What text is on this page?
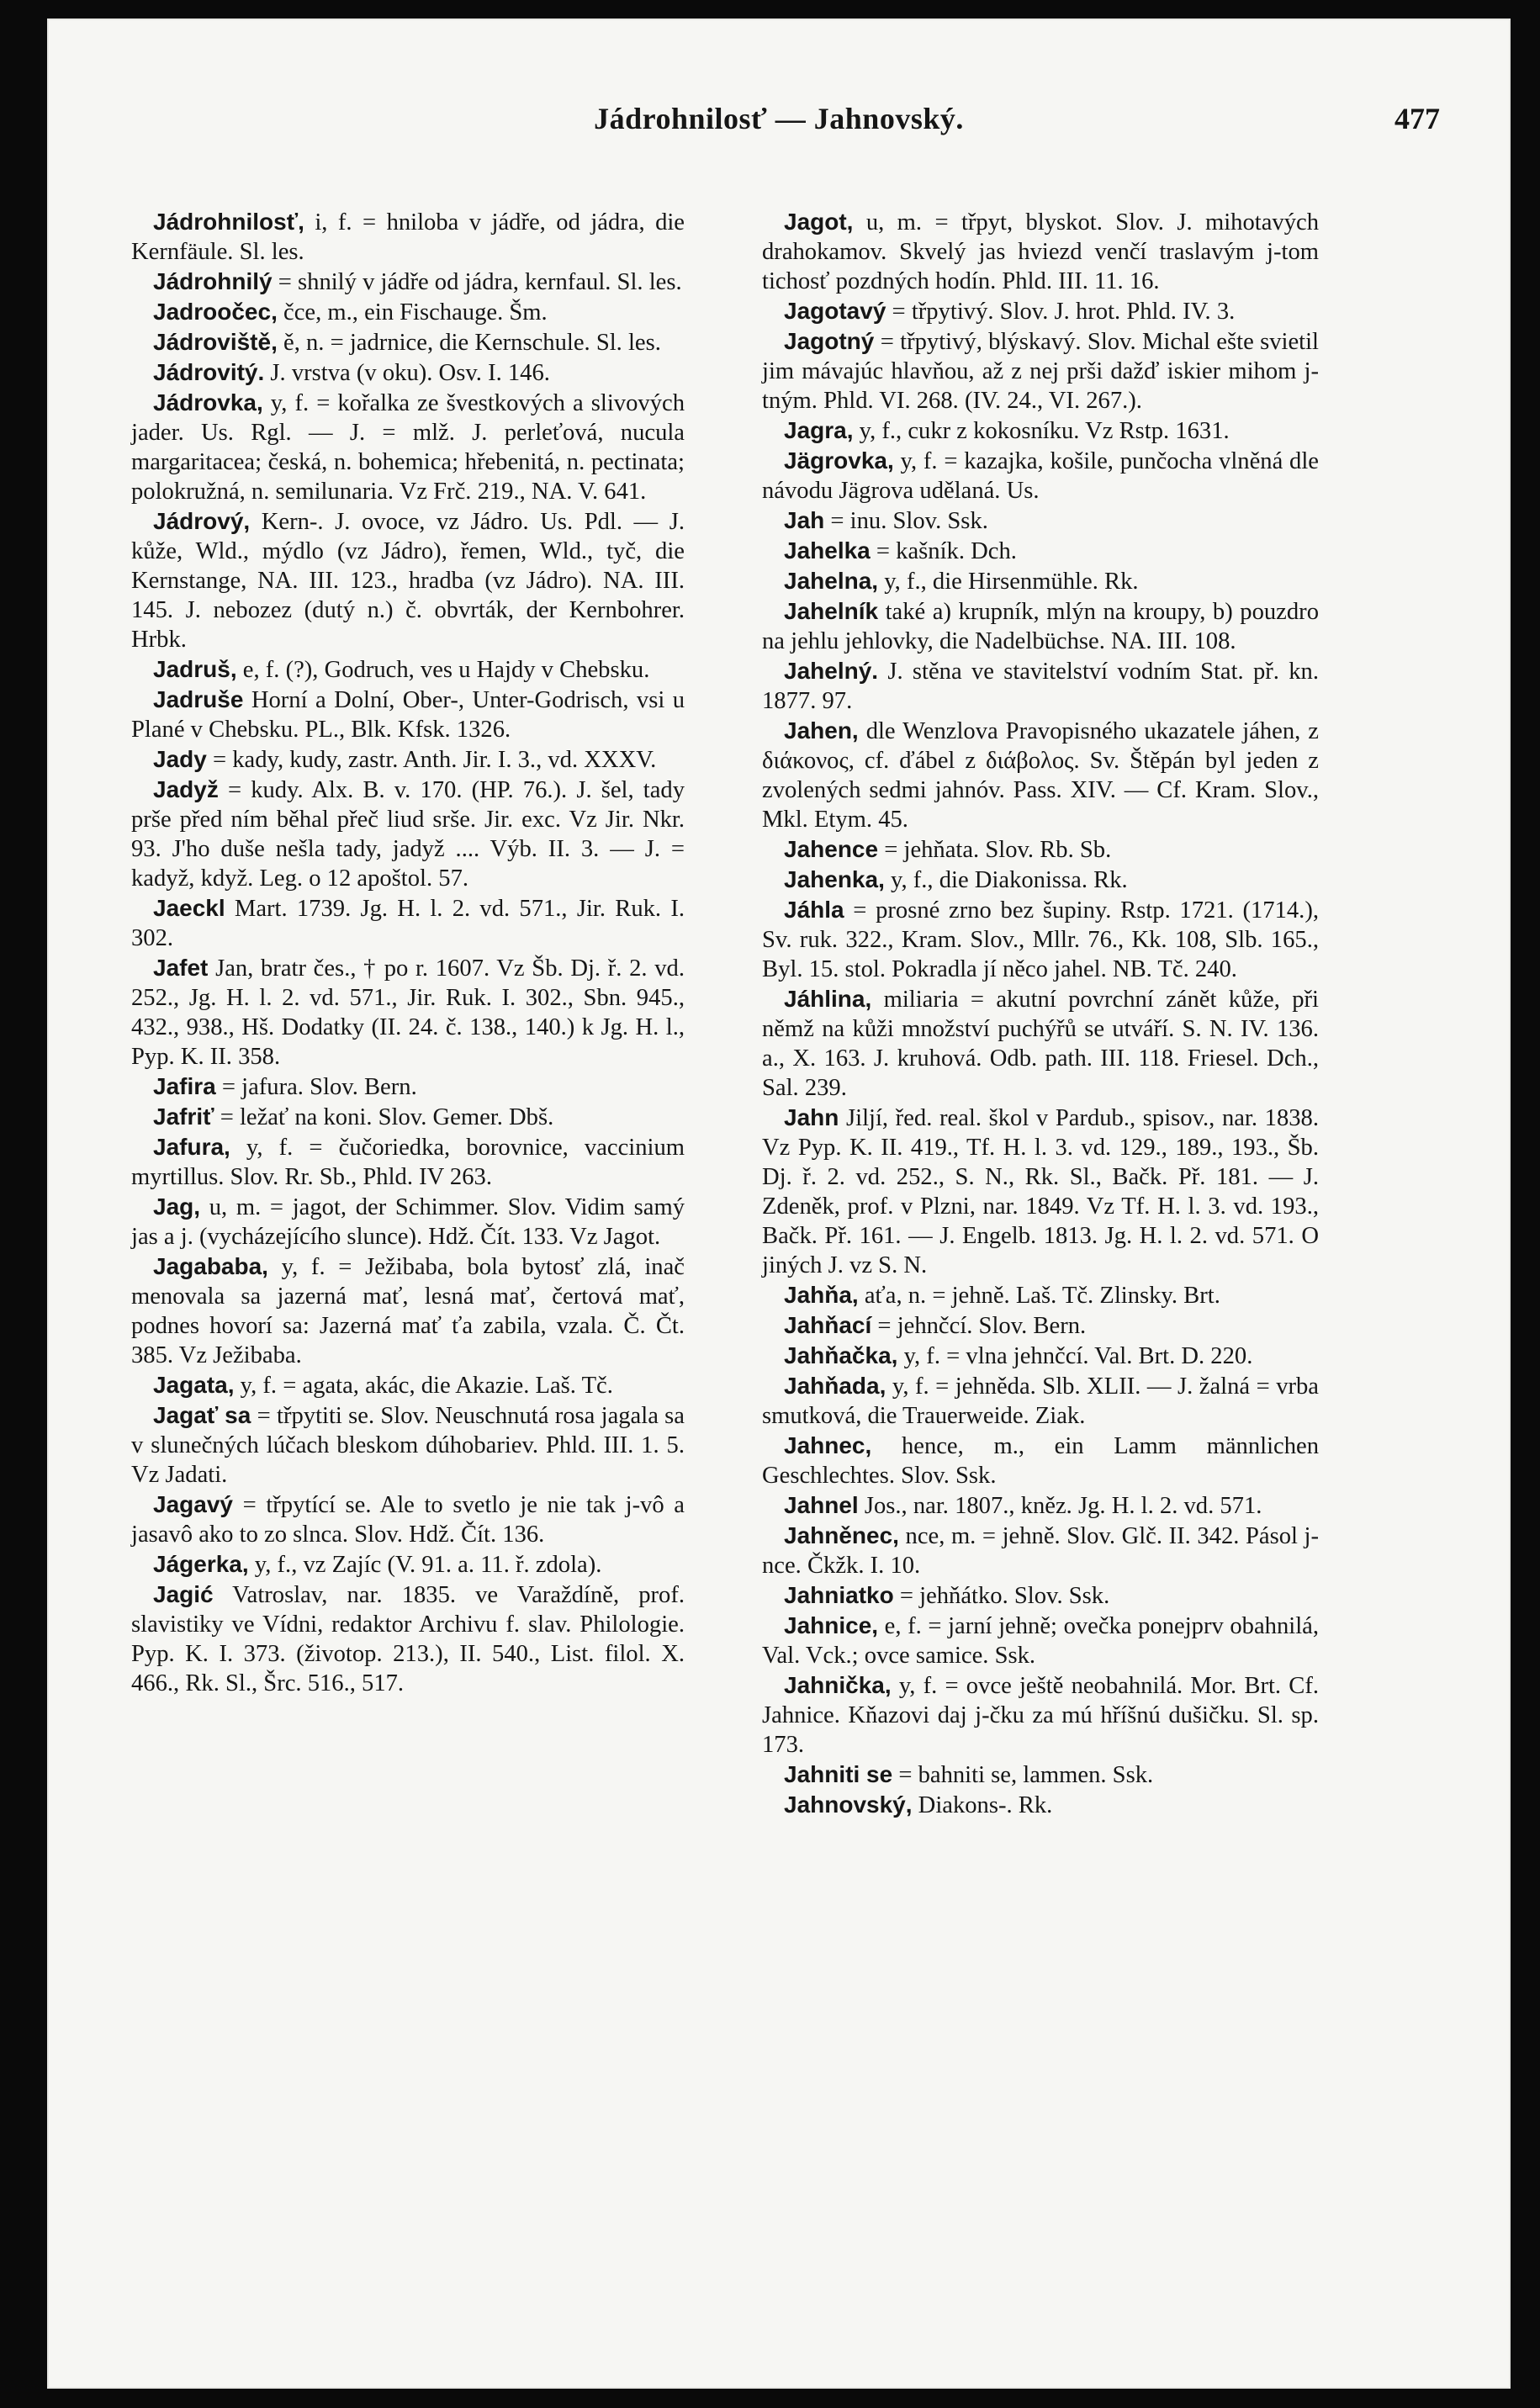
Jádrohnilosť — Jahnovský.	477
Jádrohnilosť, i, f. = hniloba v jádře, od jádra, die Kernfäule. Sl. les.
Jádrohnilý = shnilý v jádře od jádra, kernfaul. Sl. les.
Jadroočec, čce, m., ein Fischauge. Šm.
Jádroviště, ě, n. = jadrnice, die Kernschule. Sl. les.
Jádrovitý. J. vrstva (v oku). Osv. I. 146.
Jádrovka, y, f. = kořalka ze švestkových a slivových jader. Us. Rgl. — J. = mlž. J. perleťová, nucula margaritacea; česká, n. bohemica; hřebenitá, n. pectinata; polokružná, n. semilunaria. Vz Frč. 219., NA. V. 641.
Jádrový, Kern-. J. ovoce, vz Jádro. Us. Pdl. — J. kůže, Wld., mýdlo (vz Jádro), řemen, Wld., tyč, die Kernstange, NA. III. 123., hradba (vz Jádro). NA. III. 145. J. nebozez (dutý n.) č. obvrták, der Kernbohrer. Hrbk.
Jadruš, e, f. (?), Godruch, ves u Hajdy v Chebsku.
Jadruše Horní a Dolní, Ober-, Unter-Godrisch, vsi u Plané v Chebsku. PL., Blk. Kfsk. 1326.
Jady = kady, kudy, zastr. Anth. Jir. I. 3., vd. XXXV.
Jadyž = kudy. Alx. B. v. 170. (HP. 76.). J. šel, tady prše před ním běhal přeč liud srše. Jir. exc. Vz Jir. Nkr. 93. J'ho duše nešla tady, jadyž .... Výb. II. 3. — J. = kadyž, když. Leg. o 12 apoštol. 57.
Jaeckl Mart. 1739. Jg. H. l. 2. vd. 571., Jir. Ruk. I. 302.
Jafet Jan, bratr čes., † po r. 1607. Vz Šb. Dj. ř. 2. vd. 252., Jg. H. l. 2. vd. 571., Jir. Ruk. I. 302., Sbn. 945., 432., 938., Hš. Dodatky (II. 24. č. 138., 140.) k Jg. H. l., Pyp. K. II. 358.
Jafira = jafura. Slov. Bern.
Jafriť = ležať na koni. Slov. Gemer. Dbš.
Jafura, y, f. = čučoriedka, borovnice, vaccinium myrtillus. Slov. Rr. Sb., Phld. IV 263.
Jag, u, m. = jagot, der Schimmer. Slov. Vidim samý jas a j. (vycházejícího slunce). Hdž. Čít. 133. Vz Jagot.
Jagababa, y, f. = Ježibaba, bola bytosť zlá, inač menovala sa jazerná mať, lesná mať, čertová mať, podnes hovorí sa: Jazerná mať ťa zabila, vzala. Č. Čt. 385. Vz Ježibaba.
Jagata, y, f. = agata, akác, die Akazie. Laš. Tč.
Jagať sa = třpytiti se. Slov. Neuschnutá rosa jagala sa v slunečných lúčach bleskom dúhobariev. Phld. III. 1. 5. Vz Jadati.
Jagavý = třpytící se. Ale to svetlo je nie tak j-vô a jasavô ako to zo slnca. Slov. Hdž. Čít. 136.
Jágerka, y, f., vz Zajíc (V. 91. a. 11. ř. zdola).
Jagić Vatroslav, nar. 1835. ve Varaždíně, prof. slavistiky ve Vídni, redaktor Archivu f. slav. Philologie. Pyp. K. I. 373. (životop. 213.), II. 540., List. filol. X. 466., Rk. Sl., Šrc. 516., 517.
Jagot, u, m. = třpyt, blyskot. Slov. J. mihotavých drahokamov. Skvelý jas hviezd venčí traslavým j-tom tichosť pozdných hodín. Phld. III. 11. 16.
Jagotavý = třpytivý. Slov. J. hrot. Phld. IV. 3.
Jagotný = třpytivý, blýskavý. Slov. Michal ešte svietil jim mávajúc hlavňou, až z nej prši dažď iskier mihom j-tným. Phld. VI. 268. (IV. 24., VI. 267.).
Jagra, y, f., cukr z kokosníku. Vz Rstp. 1631.
Jägrovka, y, f. = kazajka, košile, punčocha vlněná dle návodu Jägrova udělaná. Us.
Jah = inu. Slov. Ssk.
Jahelka = kašník. Dch.
Jahelna, y, f., die Hirsenmühle. Rk.
Jahelník také a) krupník, mlýn na kroupy, b) pouzdro na jehlu jehlovky, die Nadelbüchse. NA. III. 108.
Jahelný. J. stěna ve stavitelství vodním Stat. př. kn. 1877. 97.
Jahen, dle Wenzlova Pravopisného ukazatele jáhen, z διάκονος, cf. ďábel z διάβολος. Sv. Štěpán byl jeden z zvolených sedmi jahnóv. Pass. XIV. — Cf. Kram. Slov., Mkl. Etym. 45.
Jahence = jehňata. Slov. Rb. Sb.
Jahenka, y, f., die Diakonissa. Rk.
Jáhla = prosné zrno bez šupiny. Rstp. 1721. (1714.), Sv. ruk. 322., Kram. Slov., Mllr. 76., Kk. 108, Slb. 165., Byl. 15. stol. Pokradla jí něco jahel. NB. Tč. 240.
Jáhlina, miliaria = akutní povrchní zánět kůže, při němž na kůži množství puchýřů se utváří. S. N. IV. 136. a., X. 163. J. kruhová. Odb. path. III. 118. Friesel. Dch., Sal. 239.
Jahn Jiljí, řed. real. škol v Pardub., spisov., nar. 1838. Vz Pyp. K. II. 419., Tf. H. l. 3. vd. 129., 189., 193., Šb. Dj. ř. 2. vd. 252., S. N., Rk. Sl., Bačk. Př. 181. — J. Zdeněk, prof. v Plzni, nar. 1849. Vz Tf. H. l. 3. vd. 193., Bačk. Př. 161. — J. Engelb. 1813. Jg. H. l. 2. vd. 571. O jiných J. vz S. N.
Jahňa, aťa, n. = jehně. Laš. Tč. Zlinsky. Brt.
Jahňací = jehnčcí. Slov. Bern.
Jahňačka, y, f. = vlna jehnčcí. Val. Brt. D. 220.
Jahňada, y, f. = jehněda. Slb. XLII. — J. žalná = vrba smutková, die Trauerweide. Ziak.
Jahnec, hence, m., ein Lamm männlichen Geschlechtes. Slov. Ssk.
Jahnel Jos., nar. 1807., kněz. Jg. H. l. 2. vd. 571.
Jahněnec, nce, m. = jehně. Slov. Glč. II. 342. Pásol j-nce. Čkžk. I. 10.
Jahniatko = jehňátko. Slov. Ssk.
Jahnice, e, f. = jarní jehně; ovečka ponejprv obahnilá, Val. Vck.; ovce samice. Ssk.
Jahnička, y, f. = ovce ještě neobahnilá. Mor. Brt. Cf. Jahnice. Kňazovi daj j-čku za mú hříšnú dušičku. Sl. sp. 173.
Jahniti se = bahniti se, lammen. Ssk.
Jahnovský, Diakons-. Rk.
